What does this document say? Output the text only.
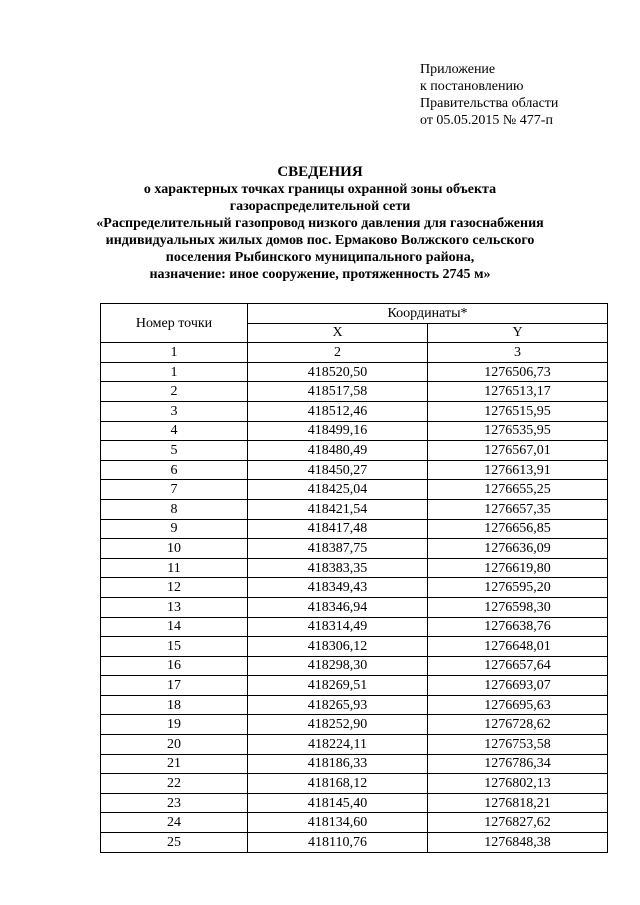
Приложение
к постановлению
Правительства области
от 05.05.2015 № 477-п
СВЕДЕНИЯ
о характерных точках границы охранной зоны объекта
газораспределительной сети
«Распределительный газопровод низкого давления для газоснабжения
индивидуальных жилых домов пос. Ермаково Волжского сельского
поселения Рыбинского муниципального района,
назначение: иное сооружение, протяженность 2745 м»
Номер точки	Координаты*	
	X	Y
1	2	3
1	418520,50	1276506,73
2	418517,58	1276513,17
3	418512,46	1276515,95
4	418499,16	1276535,95
5	418480,49	1276567,01
6	418450,27	1276613,91
7	418425,04	1276655,25
8	418421,54	1276657,35
9	418417,48	1276656,85
10	418387,75	1276636,09
11	418383,35	1276619,80
12	418349,43	1276595,20
13	418346,94	1276598,30
14	418314,49	1276638,76
15	418306,12	1276648,01
16	418298,30	1276657,64
17	418269,51	1276693,07
18	418265,93	1276695,63
19	418252,90	1276728,62
20	418224,11	1276753,58
21	418186,33	1276786,34
22	418168,12	1276802,13
23	418145,40	1276818,21
24	418134,60	1276827,62
25	418110,76	1276848,38
